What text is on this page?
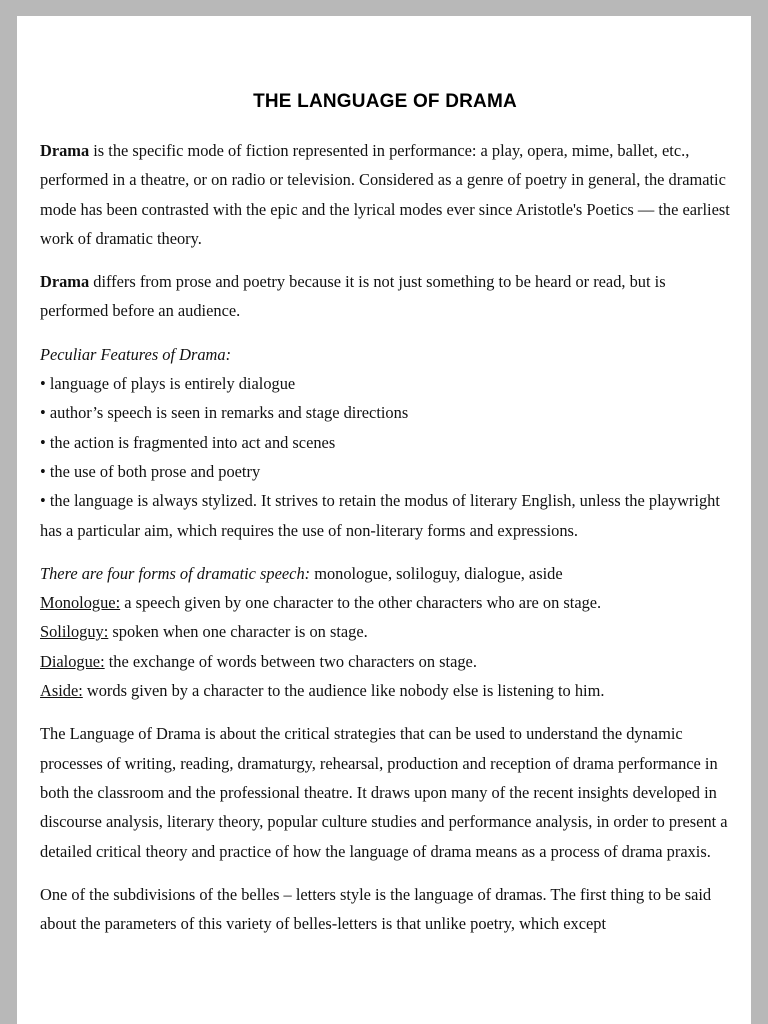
THE LANGUAGE OF DRAMA

Drama is the specific mode of fiction represented in performance: a play, opera, mime, ballet, etc., performed in a theatre, or on radio or television. Considered as a genre of poetry in general, the dramatic mode has been contrasted with the epic and the lyrical modes ever since Aristotle's Poetics — the earliest work of dramatic theory.

Drama differs from prose and poetry because it is not just something to be heard or read, but is performed before an audience.

Peculiar Features of Drama:
• language of plays is entirely dialogue
• author’s speech is seen in remarks and stage directions
• the action is fragmented into act and scenes
• the use of both prose and poetry
• the language is always stylized. It strives to retain the modus of literary English, unless the playwright has a particular aim, which requires the use of non-literary forms and expressions.
There are four forms of dramatic speech: monologue, soliloguy, dialogue, aside
Monologue: a speech given by one character to the other characters who are on stage.
Soliloguy: spoken when one character is on stage.
Dialogue: the exchange of words between two characters on stage.
Aside: words given by a character to the audience like nobody else is listening to him.

The Language of Drama is about the critical strategies that can be used to understand the dynamic processes of writing, reading, dramaturgy, rehearsal, production and reception of drama performance in both the classroom and the professional theatre. It draws upon many of the recent insights developed in discourse analysis, literary theory, popular culture studies and performance analysis, in order to present a detailed critical theory and practice of how the language of drama means as a process of drama praxis.

One of the subdivisions of the belles – letters style is the language of dramas. The first thing to be said about the parameters of this variety of belles-letters is that unlike poetry, which except
